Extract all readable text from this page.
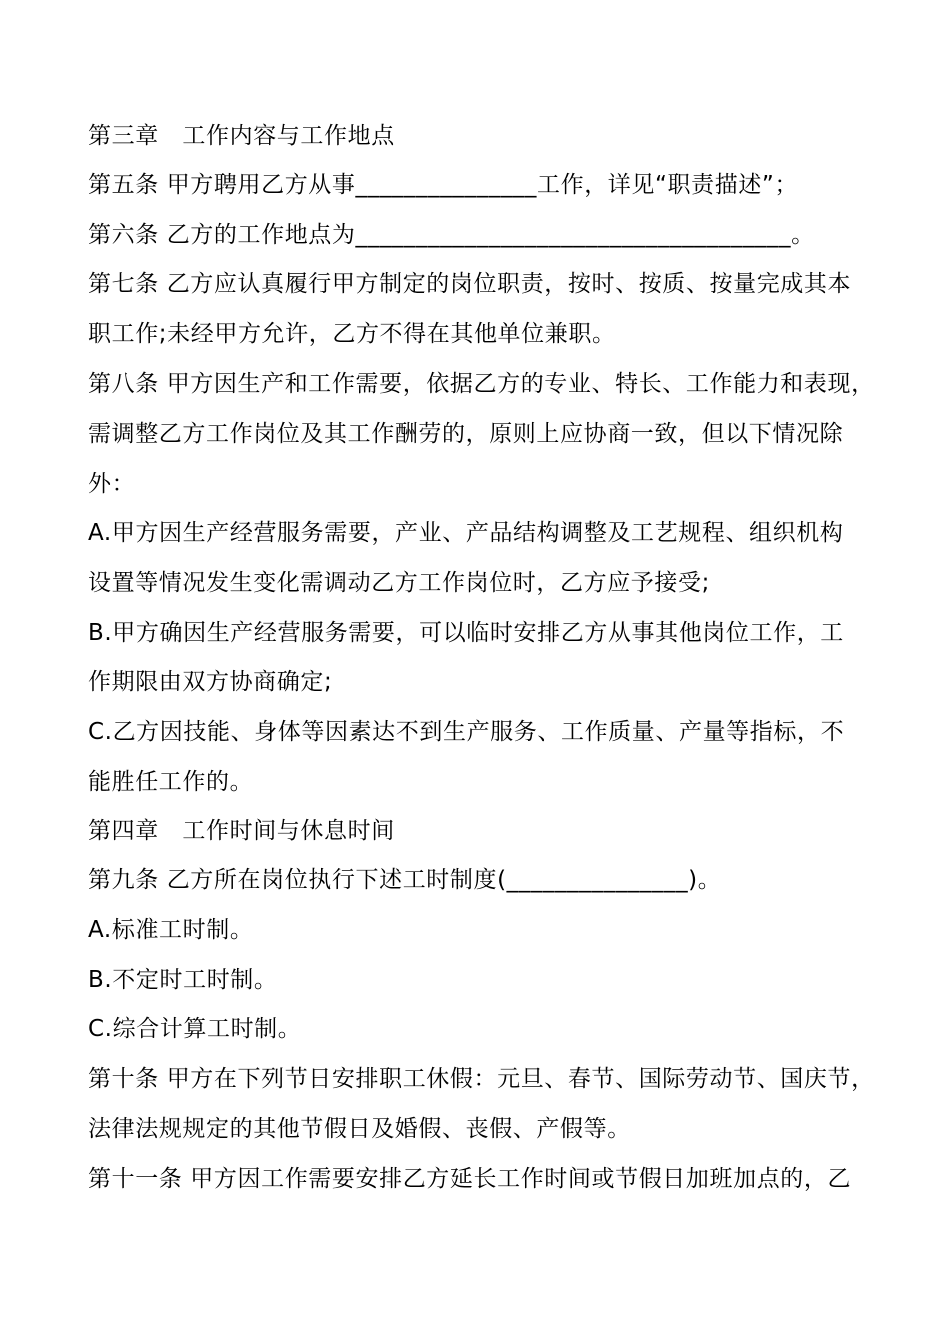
第三章　工作内容与工作地点
第五条 甲方聘用乙方从事_______________工作，详见“职责描述”；
第六条 乙方的工作地点为____________________________________。
第七条 乙方应认真履行甲方制定的岗位职责，按时、按质、按量完成其本
职工作;未经甲方允许，乙方不得在其他单位兼职。
第八条 甲方因生产和工作需要，依据乙方的专业、特长、工作能力和表现，
需调整乙方工作岗位及其工作酬劳的，原则上应协商一致，但以下情况除
外：
A.甲方因生产经营服务需要，产业、产品结构调整及工艺规程、组织机构
设置等情况发生变化需调动乙方工作岗位时，乙方应予接受;
B.甲方确因生产经营服务需要，可以临时安排乙方从事其他岗位工作，工
作期限由双方协商确定;
C.乙方因技能、身体等因素达不到生产服务、工作质量、产量等指标，不
能胜任工作的。
第四章　工作时间与休息时间
第九条 乙方所在岗位执行下述工时制度(_______________)。
A.标准工时制。
B.不定时工时制。
C.综合计算工时制。
第十条 甲方在下列节日安排职工休假：元旦、春节、国际劳动节、国庆节，
法律法规规定的其他节假日及婚假、丧假、产假等。
第十一条 甲方因工作需要安排乙方延长工作时间或节假日加班加点的，乙
